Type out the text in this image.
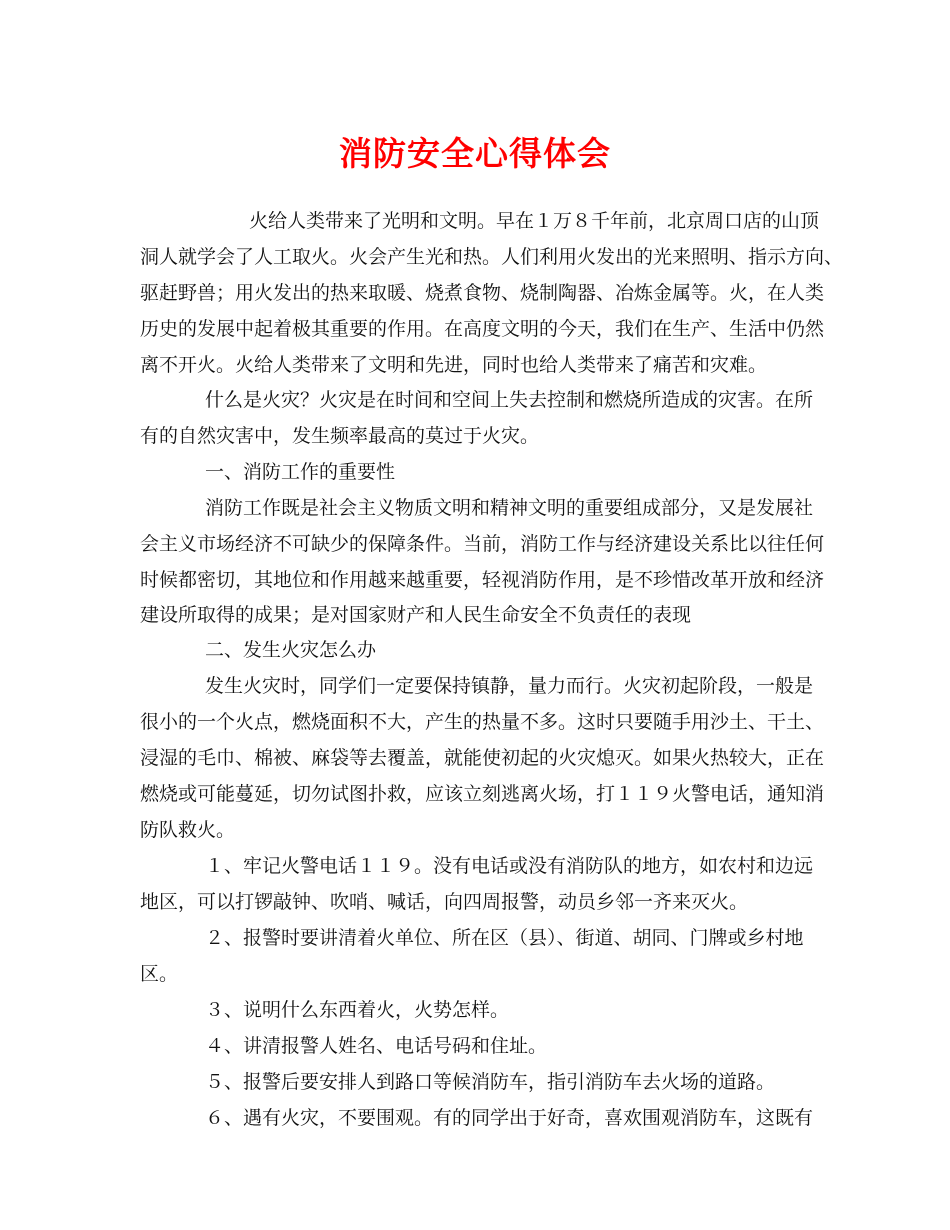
消防安全心得体会
火给人类带来了光明和文明。早在１万８千年前，北京周口店的山顶
洞人就学会了人工取火。火会产生光和热。人们利用火发出的光来照明、指示方向、
驱赶野兽；用火发出的热来取暖、烧煮食物、烧制陶器、冶炼金属等。火，在人类
历史的发展中起着极其重要的作用。在高度文明的今天，我们在生产、生活中仍然
离不开火。火给人类带来了文明和先进，同时也给人类带来了痛苦和灾难。
什么是火灾？火灾是在时间和空间上失去控制和燃烧所造成的灾害。在所
有的自然灾害中，发生频率最高的莫过于火灾。
一、消防工作的重要性
消防工作既是社会主义物质文明和精神文明的重要组成部分，又是发展社
会主义市场经济不可缺少的保障条件。当前，消防工作与经济建设关系比以往任何
时候都密切，其地位和作用越来越重要，轻视消防作用，是不珍惜改革开放和经济
建设所取得的成果；是对国家财产和人民生命安全不负责任的表现
二、发生火灾怎么办
发生火灾时，同学们一定要保持镇静，量力而行。火灾初起阶段，一般是
很小的一个火点，燃烧面积不大，产生的热量不多。这时只要随手用沙土、干土、
浸湿的毛巾、棉被、麻袋等去覆盖，就能使初起的火灾熄灭。如果火热较大，正在
燃烧或可能蔓延，切勿试图扑救，应该立刻逃离火场，打１１９火警电话，通知消
防队救火。
１、牢记火警电话１１９。没有电话或没有消防队的地方，如农村和边远
地区，可以打锣敲钟、吹哨、喊话，向四周报警，动员乡邻一齐来灭火。
２、报警时要讲清着火单位、所在区（县）、街道、胡同、门牌或乡村地
区。
３、说明什么东西着火，火势怎样。
４、讲清报警人姓名、电话号码和住址。
５、报警后要安排人到路口等候消防车，指引消防车去火场的道路。
６、遇有火灾，不要围观。有的同学出于好奇，喜欢围观消防车，这既有
